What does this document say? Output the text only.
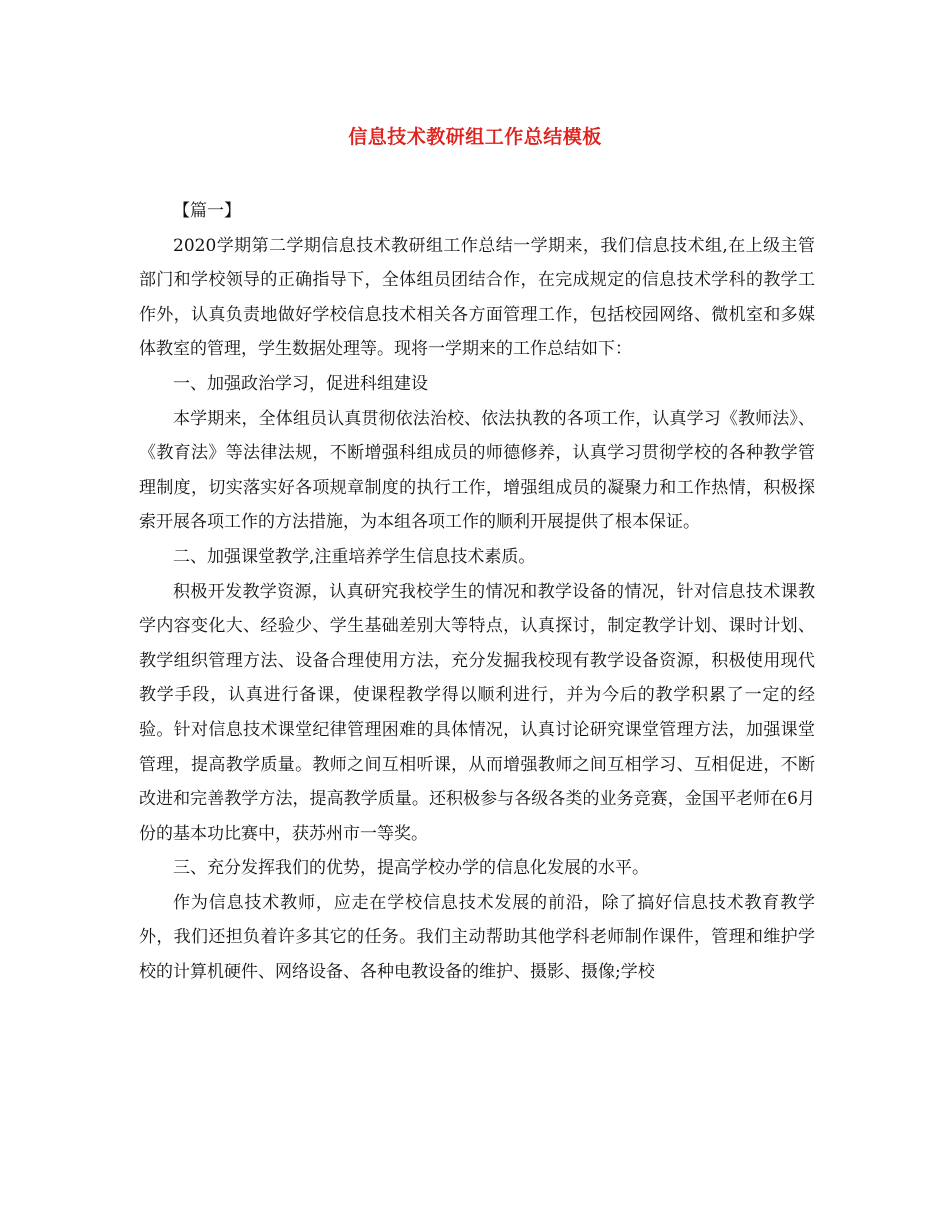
信息技术教研组工作总结模板

【篇一】

2020学期第二学期信息技术教研组工作总结一学期来，我们信息技术组,在上级主管部门和学校领导的正确指导下，全体组员团结合作，在完成规定的信息技术学科的教学工作外，认真负责地做好学校信息技术相关各方面管理工作，包括校园网络、微机室和多媒体教室的管理，学生数据处理等。现将一学期来的工作总结如下：

一、加强政治学习，促进科组建设

本学期来，全体组员认真贯彻依法治校、依法执教的各项工作，认真学习《教师法》、《教育法》等法律法规，不断增强科组成员的师德修养，认真学习贯彻学校的各种教学管理制度，切实落实好各项规章制度的执行工作，增强组成员的凝聚力和工作热情，积极探索开展各项工作的方法措施，为本组各项工作的顺利开展提供了根本保证。

二、加强课堂教学,注重培养学生信息技术素质。

积极开发教学资源，认真研究我校学生的情况和教学设备的情况，针对信息技术课教学内容变化大、经验少、学生基础差别大等特点，认真探讨，制定教学计划、课时计划、教学组织管理方法、设备合理使用方法，充分发掘我校现有教学设备资源，积极使用现代教学手段，认真进行备课，使课程教学得以顺利进行，并为今后的教学积累了一定的经验。针对信息技术课堂纪律管理困难的具体情况，认真讨论研究课堂管理方法，加强课堂管理，提高教学质量。教师之间互相听课，从而增强教师之间互相学习、互相促进，不断改进和完善教学方法，提高教学质量。还积极参与各级各类的业务竞赛，金国平老师在6月份的基本功比赛中，获苏州市一等奖。

三、充分发挥我们的优势，提高学校办学的信息化发展的水平。

作为信息技术教师，应走在学校信息技术发展的前沿，除了搞好信息技术教育教学外，我们还担负着许多其它的任务。我们主动帮助其他学科老师制作课件，管理和维护学校的计算机硬件、网络设备、各种电教设备的维护、摄影、摄像;学校
